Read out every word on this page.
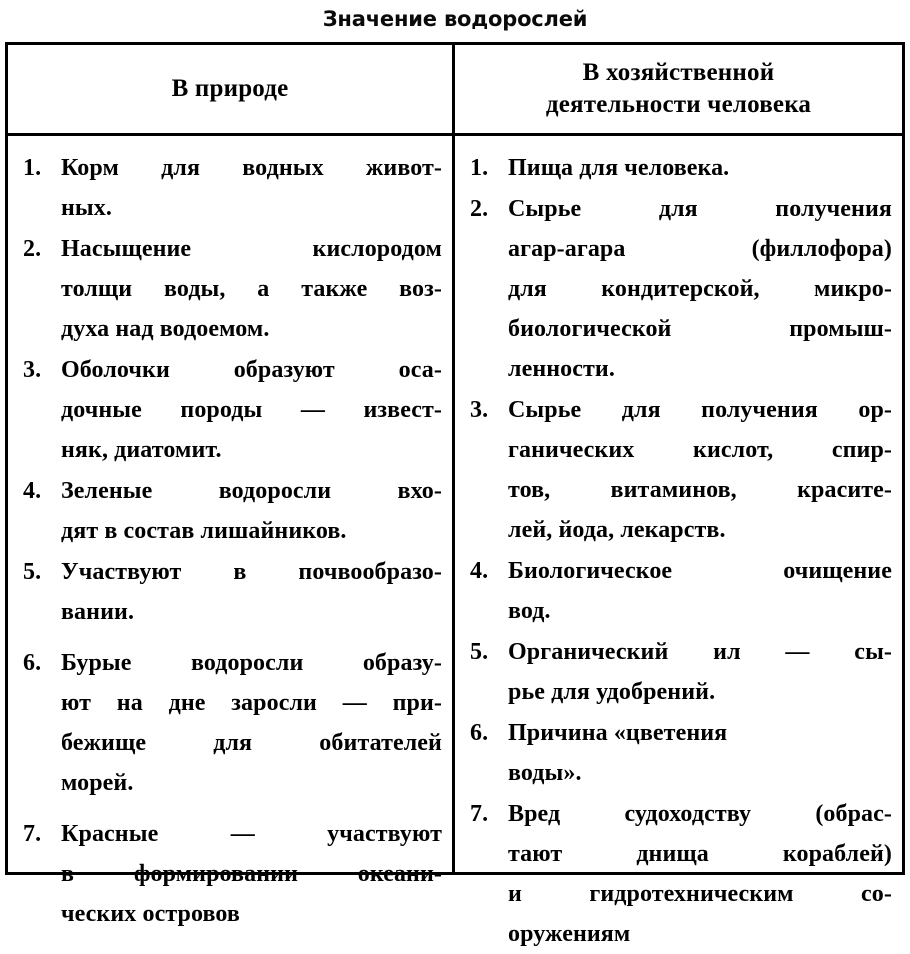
Значение водорослей
В природе
В хозяйственной
деятельности человека
1. Корм для водных живот-
ных.
2. Насыщение кислородом
толщи воды, а также воз-
духа над водоемом.
3. Оболочки образуют оса-
дочные породы — извест-
няк, диатомит.
4. Зеленые водоросли вхо-
дят в состав лишайников.
5. Участвуют в почвообразо-
вании.
6. Бурые водоросли образу-
ют на дне заросли — при-
бежище для обитателей
морей.
7. Красные — участвуют
в формировании океани-
ческих островов
1. Пища для человека.
2. Сырье для получения
агар-агара (филлофора)
для кондитерской, микро-
биологической промыш-
ленности.
3. Сырье для получения ор-
ганических кислот, спир-
тов, витаминов, красите-
лей, йода, лекарств.
4. Биологическое очищение
вод.
5. Органический ил — сы-
рье для удобрений.
6. Причина «цветения
воды».
7. Вред судоходству (обрас-
тают днища кораблей)
и гидротехническим со-
оружениям
